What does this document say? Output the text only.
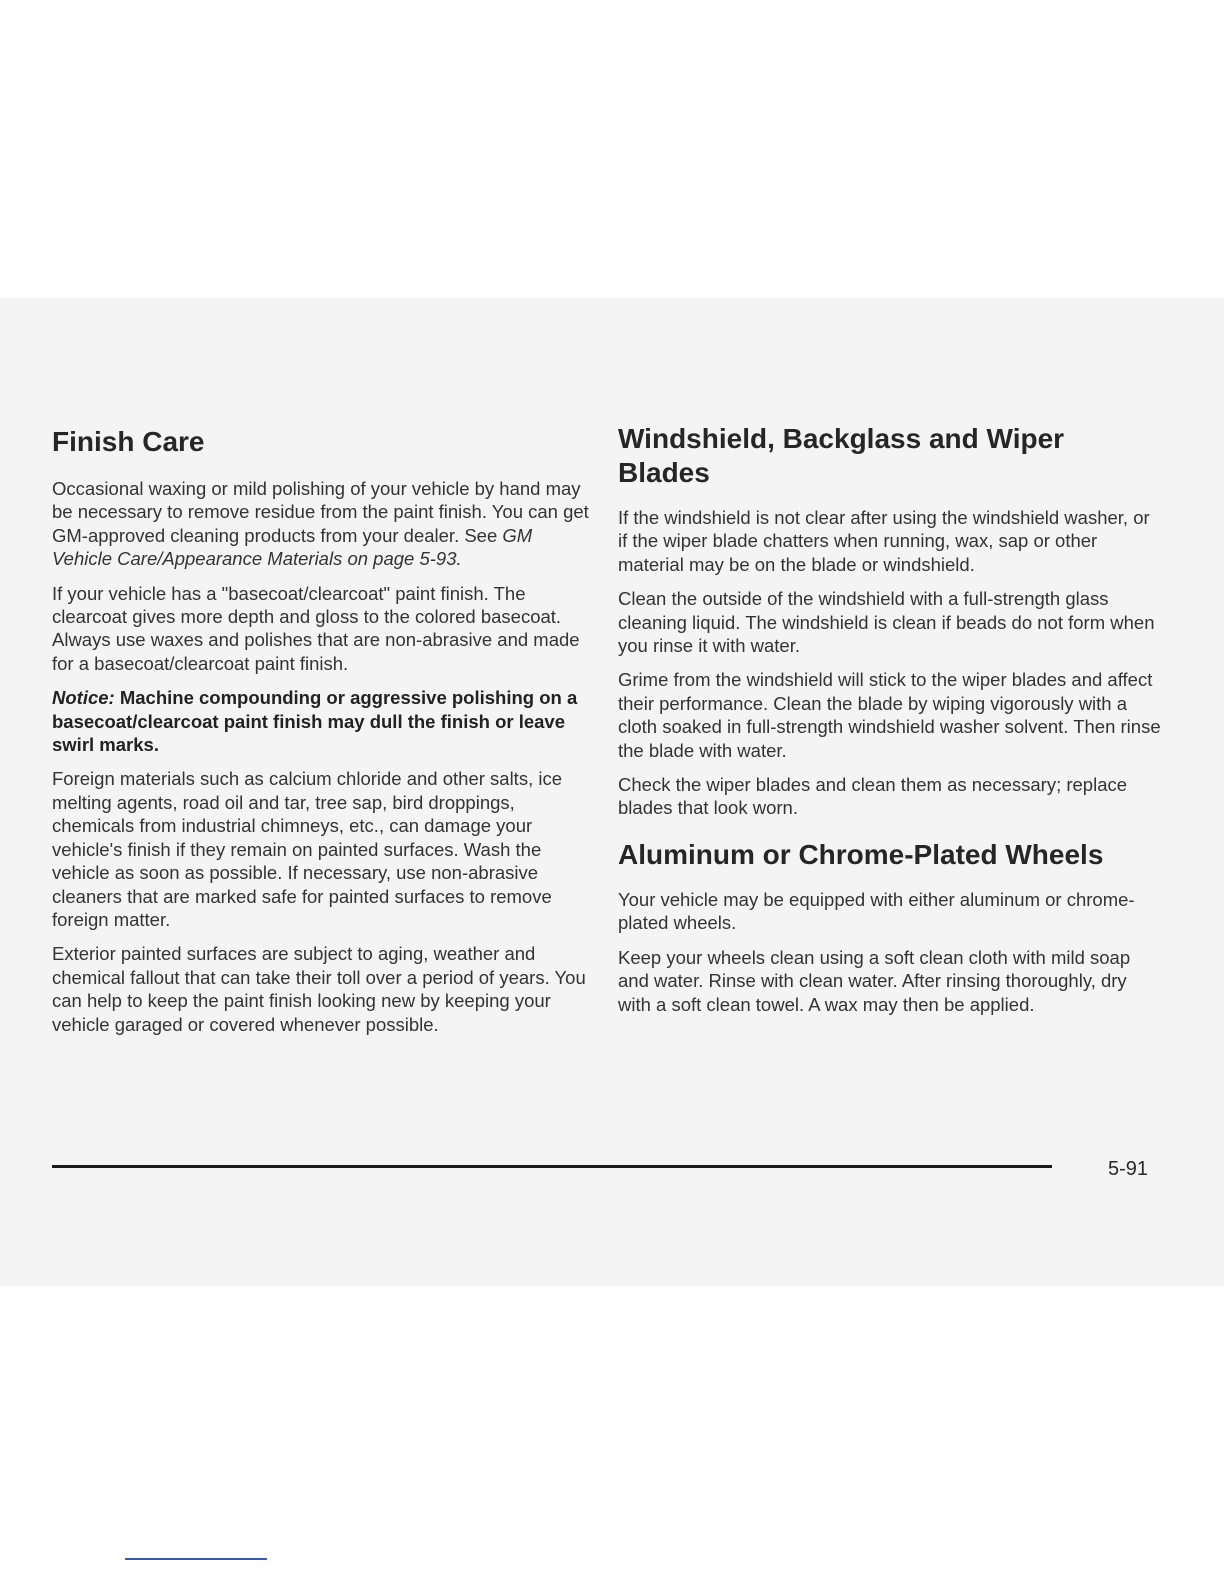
Finish Care

Occasional waxing or mild polishing of your vehicle by hand may be necessary to remove residue from the paint finish. You can get GM-approved cleaning products from your dealer. See GM Vehicle Care/Appearance Materials on page 5-93.

If your vehicle has a "basecoat/clearcoat" paint finish. The clearcoat gives more depth and gloss to the colored basecoat. Always use waxes and polishes that are non-abrasive and made for a basecoat/clearcoat paint finish.

Notice: Machine compounding or aggressive polishing on a basecoat/clearcoat paint finish may dull the finish or leave swirl marks.

Foreign materials such as calcium chloride and other salts, ice melting agents, road oil and tar, tree sap, bird droppings, chemicals from industrial chimneys, etc., can damage your vehicle's finish if they remain on painted surfaces. Wash the vehicle as soon as possible. If necessary, use non-abrasive cleaners that are marked safe for painted surfaces to remove foreign matter.

Exterior painted surfaces are subject to aging, weather and chemical fallout that can take their toll over a period of years. You can help to keep the paint finish looking new by keeping your vehicle garaged or covered whenever possible.

Windshield, Backglass and Wiper Blades

If the windshield is not clear after using the windshield washer, or if the wiper blade chatters when running, wax, sap or other material may be on the blade or windshield.

Clean the outside of the windshield with a full-strength glass cleaning liquid. The windshield is clean if beads do not form when you rinse it with water.

Grime from the windshield will stick to the wiper blades and affect their performance. Clean the blade by wiping vigorously with a cloth soaked in full-strength windshield washer solvent. Then rinse the blade with water.

Check the wiper blades and clean them as necessary; replace blades that look worn.

Aluminum or Chrome-Plated Wheels

Your vehicle may be equipped with either aluminum or chrome-plated wheels.

Keep your wheels clean using a soft clean cloth with mild soap and water. Rinse with clean water. After rinsing thoroughly, dry with a soft clean towel. A wax may then be applied.

5-91
